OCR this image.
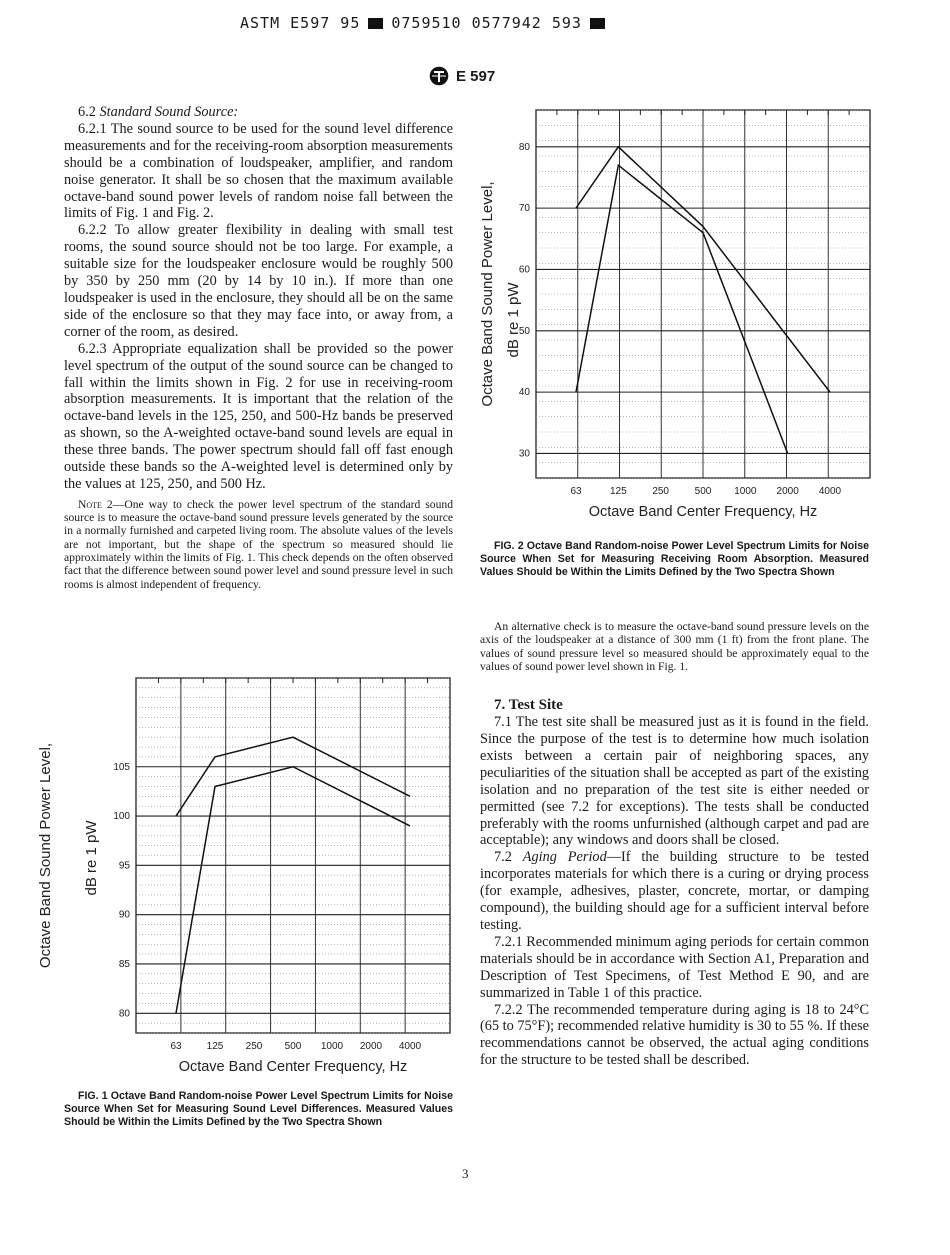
ASTM E597 95 0759510 0577942 593
E 597

6.2 Standard Sound Source:

6.2.1 The sound source to be used for the sound level difference measurements and for the receiving-room absorption measurements should be a combination of loudspeaker, amplifier, and random noise generator. It shall be so chosen that the maximum available octave-band sound power levels of random noise fall between the limits of Fig. 1 and Fig. 2.

6.2.2 To allow greater flexibility in dealing with small test rooms, the sound source should not be too large. For example, a suitable size for the loudspeaker enclosure would be roughly 500 by 350 by 250 mm (20 by 14 by 10 in.). If more than one loudspeaker is used in the enclosure, they should all be on the same side of the enclosure so that they may face into, or away from, a corner of the room, as desired.

6.2.3 Appropriate equalization shall be provided so the power level spectrum of the output of the sound source can be changed to fall within the limits shown in Fig. 2 for use in receiving-room absorption measurements. It is important that the relation of the octave-band levels in the 125, 250, and 500-Hz bands be preserved as shown, so the A-weighted octave-band sound levels are equal in these three bands. The power spectrum should fall off fast enough outside these bands so the A-weighted level is determined only by the values at 125, 250, and 500 Hz.

Note 2—One way to check the power level spectrum of the standard sound source is to measure the octave-band sound pressure levels generated by the source in a normally furnished and carpeted living room. The absolute values of the levels are not important, but the shape of the spectrum so measured should lie approximately within the limits of Fig. 1. This check depends on the often observed fact that the difference between sound power level and sound pressure level in such rooms is almost independent of frequency.

80
85
90
95
100
105
63	125 250 500 1000 2000 4000
Octave Band Center Frequency, Hz
Octave Band Sound Power Level, dB re 1 pW

FIG. 1 Octave Band Random-noise Power Level Spectrum Limits for Noise Source When Set for Measuring Sound Level Differences. Measured Values Should be Within the Limits Defined by the Two Spectra Shown

30
40
50
60
70
80
63	125	250	500 1000 2000 4000
Octave Band Center Frequency, Hz
Octave Band Sound Power Level, dB re 1 pW

FIG. 2 Octave Band Random-noise Power Level Spectrum Limits for Noise Source When Set for Measuring Receiving Room Absorption. Measured Values Should be Within the Limits Defined by the Two Spectra Shown

An alternative check is to measure the octave-band sound pressure levels on the axis of the loudspeaker at a distance of 300 mm (1 ft) from the front plane. The values of sound pressure level so measured should be approximately equal to the values of sound power level shown in Fig. 1.

7. Test Site

7.1 The test site shall be measured just as it is found in the field. Since the purpose of the test is to determine how much isolation exists between a certain pair of neighboring spaces, any peculiarities of the situation shall be accepted as part of the existing isolation and no preparation of the test site is either needed or permitted (see 7.2 for exceptions). The tests shall be conducted preferably with the rooms unfurnished (although carpet and pad are acceptable); any windows and doors shall be closed.

7.2 Aging Period—If the building structure to be tested incorporates materials for which there is a curing or drying process (for example, adhesives, plaster, concrete, mortar, or damping compound), the building should age for a sufficient interval before testing.

7.2.1 Recommended minimum aging periods for certain common materials should be in accordance with Section A1, Preparation and Description of Test Specimens, of Test Method E 90, and are summarized in Table 1 of this practice.

7.2.2 The recommended temperature during aging is 18 to 24°C (65 to 75°F); recommended relative humidity is 30 to 55 %. If these recommendations cannot be observed, the actual aging conditions for the structure to be tested shall be described.

3
